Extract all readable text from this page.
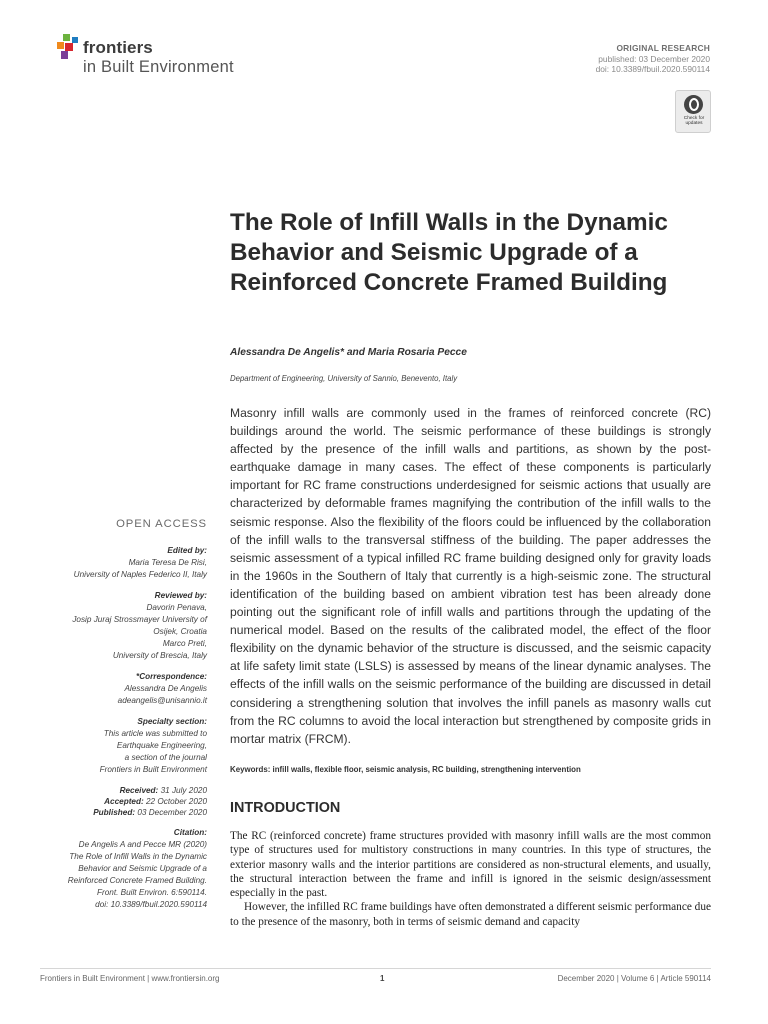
frontiers
in Built Environment
ORIGINAL RESEARCH
published: 03 December 2020
doi: 10.3389/fbuil.2020.590114
Check for updates
The Role of Infill Walls in the Dynamic Behavior and Seismic Upgrade of a Reinforced Concrete Framed Building
Alessandra De Angelis* and Maria Rosaria Pecce
Department of Engineering, University of Sannio, Benevento, Italy
Masonry infill walls are commonly used in the frames of reinforced concrete (RC) buildings around the world. The seismic performance of these buildings is strongly affected by the presence of the infill walls and partitions, as shown by the post-earthquake damage in many cases. The effect of these components is particularly important for RC frame constructions underdesigned for seismic actions that usually are characterized by deformable frames magnifying the contribution of the infill walls to the seismic response. Also the flexibility of the floors could be influenced by the collaboration of the infill walls to the transversal stiffness of the building. The paper addresses the seismic assessment of a typical infilled RC frame building designed only for gravity loads in the 1960s in the Southern of Italy that currently is a high-seismic zone. The structural identification of the building based on ambient vibration test has been already done pointing out the significant role of infill walls and partitions through the updating of the numerical model. Based on the results of the calibrated model, the effect of the floor flexibility on the dynamic behavior of the structure is discussed, and the seismic capacity at life safety limit state (LSLS) is assessed by means of the linear dynamic analyses. The effects of the infill walls on the seismic performance of the building are discussed in detail considering a strengthening solution that involves the infill panels as masonry walls cut from the RC columns to avoid the local interaction but strengthened by composite grids in mortar matrix (FRCM).
Keywords: infill walls, flexible floor, seismic analysis, RC building, strengthening intervention
INTRODUCTION

The RC (reinforced concrete) frame structures provided with masonry infill walls are the most common type of structures used for multistory constructions in many countries. In this type of structures, the exterior masonry walls and the interior partitions are considered as non-structural elements, and usually, the structural interaction between the frame and infill is ignored in the seismic design/assessment especially in the past.

However, the infilled RC frame buildings have often demonstrated a different seismic performance due to the presence of the masonry, both in terms of seismic demand and capacity

OPEN ACCESS
Edited by:
Maria Teresa De Risi,
University of Naples Federico II, Italy
Reviewed by:
Davorin Penava,
Josip Juraj Strossmayer University of
Osijek, Croatia
Marco Preti,
University of Brescia, Italy
*Correspondence:
Alessandra De Angelis
adeangelis@unisannio.it
Specialty section:
This article was submitted to
Earthquake Engineering,
a section of the journal
Frontiers in Built Environment
Received: 31 July 2020
Accepted: 22 October 2020
Published: 03 December 2020
Citation:
De Angelis A and Pecce MR (2020)
The Role of Infill Walls in the Dynamic
Behavior and Seismic Upgrade of a
Reinforced Concrete Framed Building.
Front. Built Environ. 6:590114.
doi: 10.3389/fbuil.2020.590114
Frontiers in Built Environment | www.frontiersin.org	1	December 2020 | Volume 6 | Article 590114
